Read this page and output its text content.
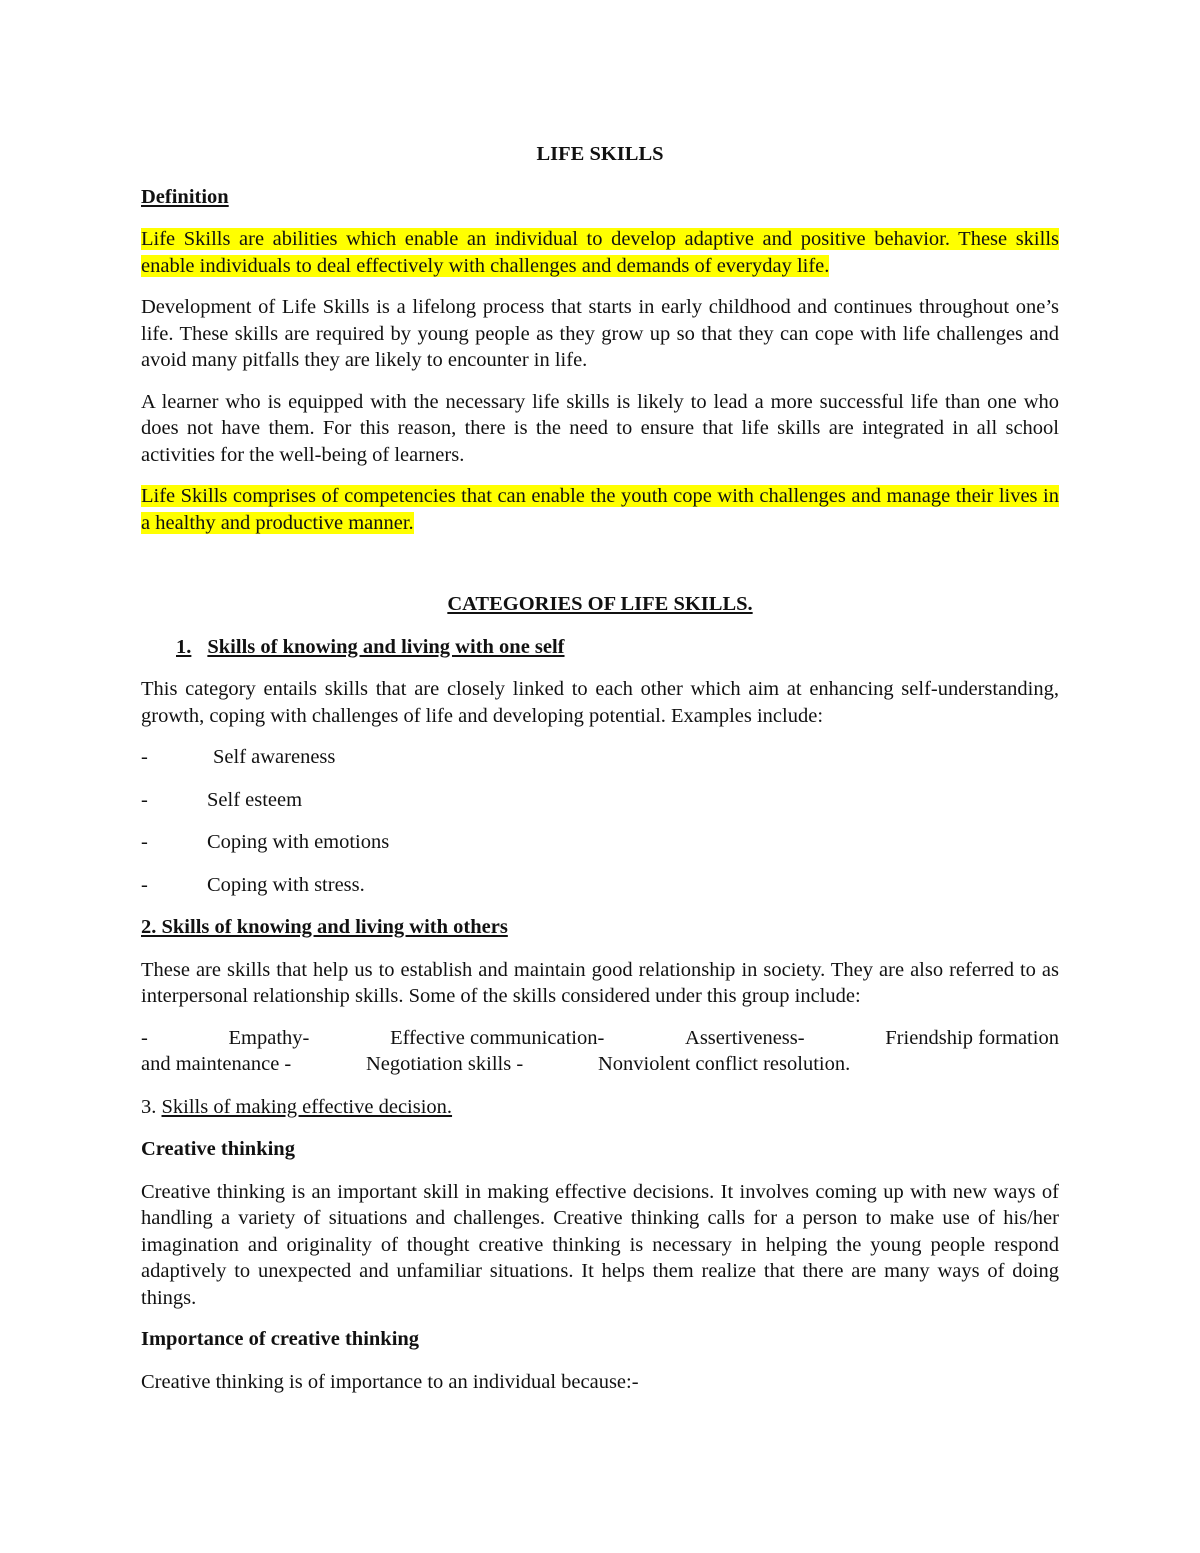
LIFE SKILLS

Definition

Life Skills are abilities which enable an individual to develop adaptive and positive behavior. These skills enable individuals to deal effectively with challenges and demands of everyday life.

Development of Life Skills is a lifelong process that starts in early childhood and continues throughout one’s life. These skills are required by young people as they grow up so that they can cope with life challenges and avoid many pitfalls they are likely to encounter in life.

A learner who is equipped with the necessary life skills is likely to lead a more successful life than one who does not have them. For this reason, there is the need to ensure that life skills are integrated in all school activities for the well-being of learners.

Life Skills comprises of competencies that can enable the youth cope with challenges and manage their lives in a healthy and productive manner.

CATEGORIES OF LIFE SKILLS.

1. Skills of knowing and living with one self

This category entails skills that are closely linked to each other which aim at enhancing self-understanding, growth, coping with challenges of life and developing potential. Examples include:

-	Self awareness
-	Self esteem
-	Coping with emotions
-	Coping with stress.

2. Skills of knowing and living with others

These are skills that help us to establish and maintain good relationship in society. They are also referred to as interpersonal relationship skills. Some of the skills considered under this group include:

-	Empathy-	Effective communication-	Assertiveness-	Friendship formation
and maintenance -	Negotiation skills -	Nonviolent conflict resolution.

3. Skills of making effective decision.

Creative thinking

Creative thinking is an important skill in making effective decisions. It involves coming up with new ways of handling a variety of situations and challenges. Creative thinking calls for a person to make use of his/her imagination and originality of thought creative thinking is necessary in helping the young people respond adaptively to unexpected and unfamiliar situations. It helps them realize that there are many ways of doing things.

Importance of creative thinking

Creative thinking is of importance to an individual because:-
